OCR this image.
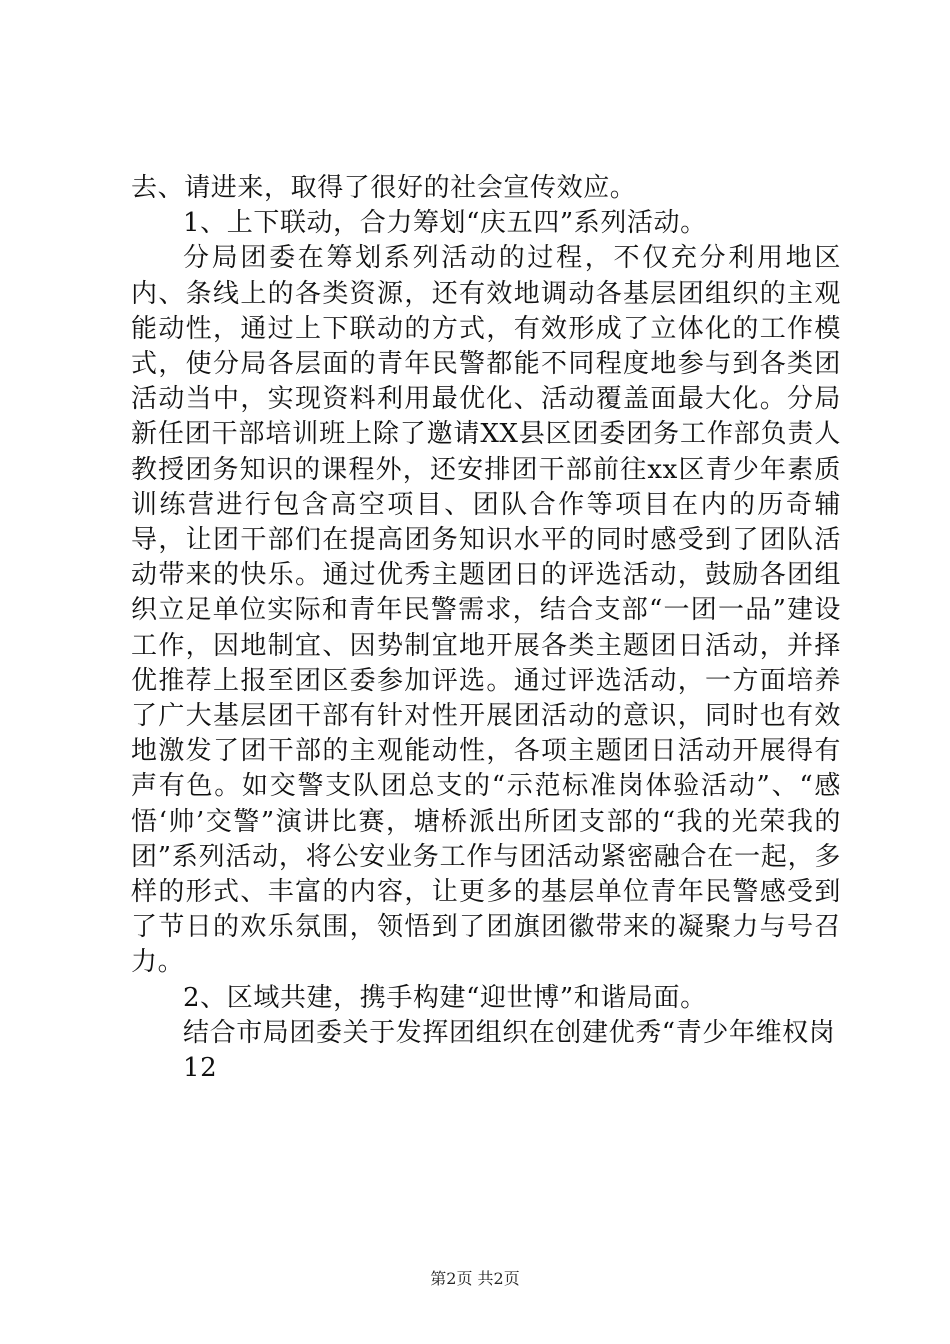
去、请进来，取得了很好的社会宣传效应。

1、上下联动，合力筹划“庆五四”系列活动。

分局团委在筹划系列活动的过程，不仅充分利用地区内、条线上的各类资源，还有效地调动各基层团组织的主观能动性，通过上下联动的方式，有效形成了立体化的工作模式，使分局各层面的青年民警都能不同程度地参与到各类团活动当中，实现资料利用最优化、活动覆盖面最大化。分局新任团干部培训班上除了邀请XX县区团委团务工作部负责人教授团务知识的课程外，还安排团干部前往xx区青少年素质训练营进行包含高空项目、团队合作等项目在内的历奇辅导，让团干部们在提高团务知识水平的同时感受到了团队活动带来的快乐。通过优秀主题团日的评选活动，鼓励各团组织立足单位实际和青年民警需求，结合支部“一团一品”建设工作，因地制宜、因势制宜地开展各类主题团日活动，并择优推荐上报至团区委参加评选。通过评选活动，一方面培养了广大基层团干部有针对性开展团活动的意识，同时也有效地激发了团干部的主观能动性，各项主题团日活动开展得有声有色。如交警支队团总支的“示范标准岗体验活动”、“感悟‘帅’交警”演讲比赛，塘桥派出所团支部的“我的光荣我的团”系列活动，将公安业务工作与团活动紧密融合在一起，多样的形式、丰富的内容，让更多的基层单位青年民警感受到了节日的欢乐氛围，领悟到了团旗团徽带来的凝聚力与号召力。

2、区域共建，携手构建“迎世博”和谐局面。

结合市局团委关于发挥团组织在创建优秀“青少年维权岗

12

第2页 共2页
